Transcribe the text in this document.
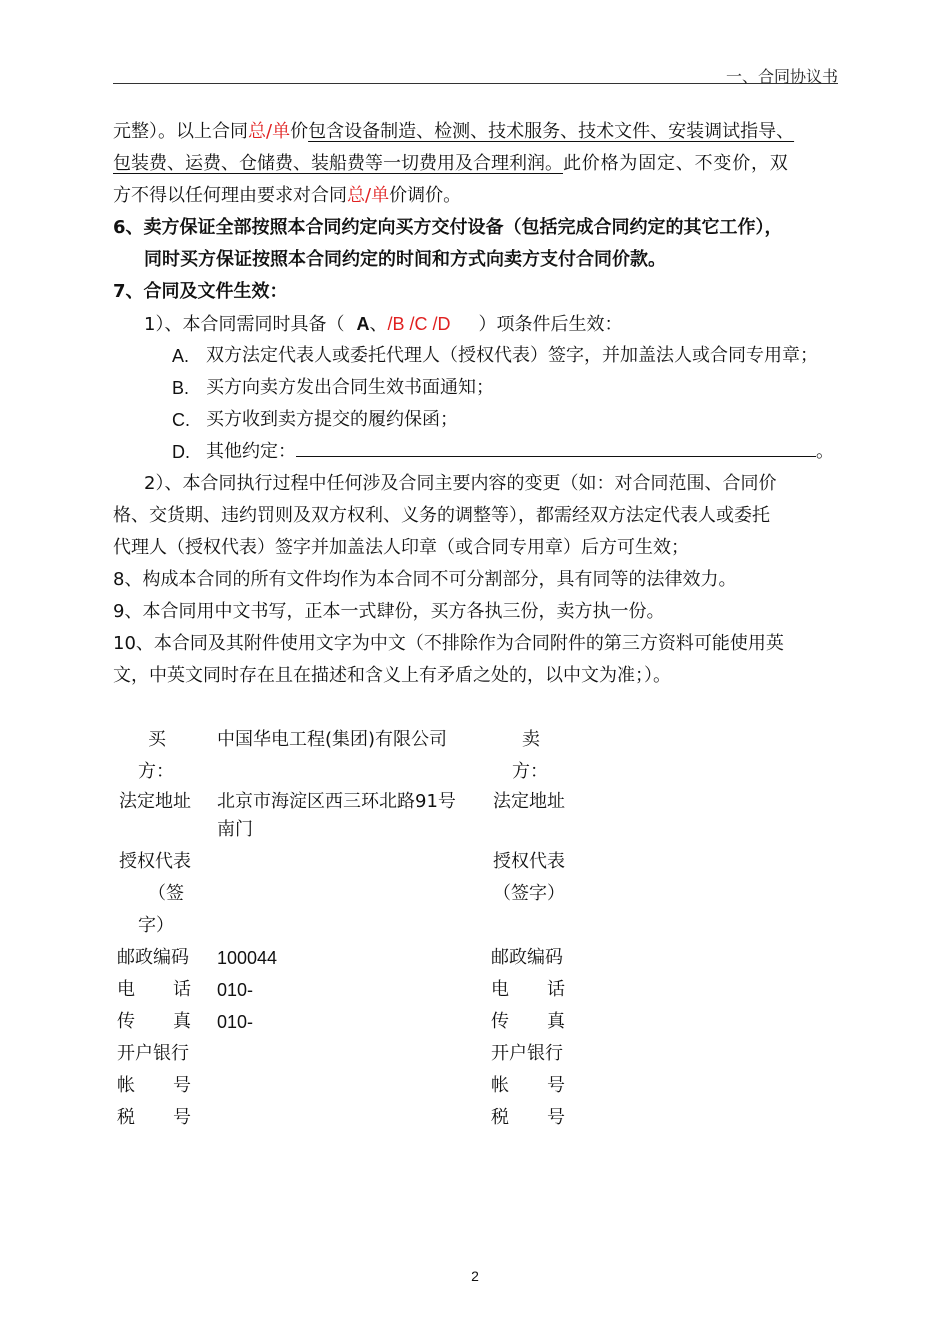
一、合同协议书
元整）。以上合同总/单价包含设备制造、检测、技术服务、技术文件、安装调试指导、
包装费、运费、仓储费、装船费等一切费用及合理利润。此价格为固定、不变价，双
方不得以任何理由要求对合同总/单价调价。
6、卖方保证全部按照本合同约定向买方交付设备（包括完成合同约定的其它工作），
同时买方保证按照本合同约定的时间和方式向卖方支付合同价款。
7、合同及文件生效：
1）、本合同需同时具备（ A、/B /C /D ）项条件后生效：
A. 双方法定代表人或委托代理人（授权代表）签字，并加盖法人或合同专用章；
B. 买方向卖方发出合同生效书面通知；
C. 买方收到卖方提交的履约保函；
D. 其他约定：	。
2）、本合同执行过程中任何涉及合同主要内容的变更（如：对合同范围、合同价
格、交货期、违约罚则及双方权利、义务的调整等），都需经双方法定代表人或委托
代理人（授权代表）签字并加盖法人印章（或合同专用章）后方可生效；
8、构成本合同的所有文件均作为本合同不可分割部分，具有同等的法律效力。
9、本合同用中文书写，正本一式肆份，买方各执三份，卖方执一份。
10、本合同及其附件使用文字为中文（不排除作为合同附件的第三方资料可能使用英
文，中英文同时存在且在描述和含义上有矛盾之处的，以中文为准；）。
买
方：
中国华电工程(集团)有限公司
法定地址 北京市海淀区西三环北路91号
南门
授权代表
（签
字）
邮政编码 100044
电 话 010-
传 真 010-
开户银行
帐 号
税 号
卖
方：
法定地址
授权代表
（签字）
邮政编码
电 话
传 真
开户银行
帐 号
税 号
2
